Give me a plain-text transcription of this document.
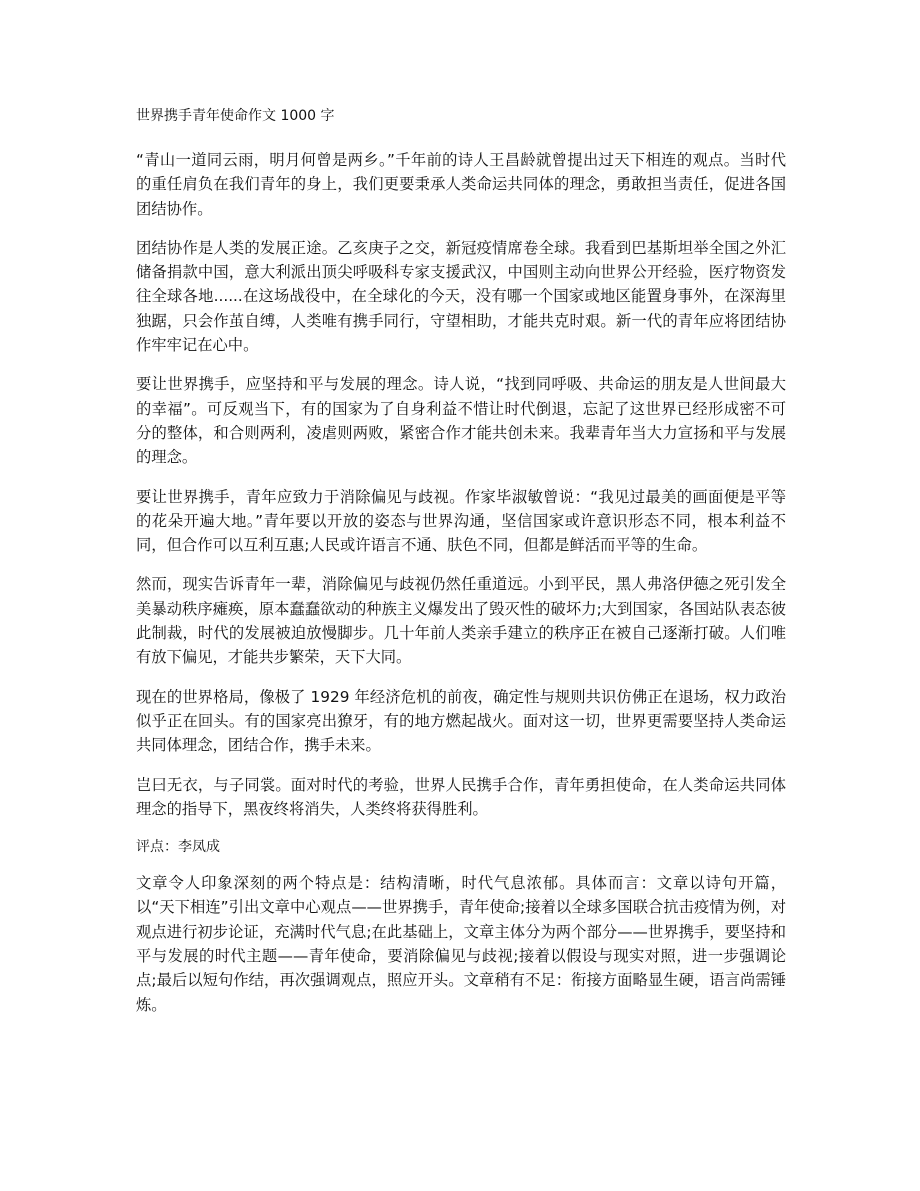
世界携手青年使命作文 1000 字

“青山一道同云雨，明月何曾是两乡。”千年前的诗人王昌龄就曾提出过天下相连的观点。当时代的重任肩负在我们青年的身上，我们更要秉承人类命运共同体的理念，勇敢担当责任，促进各国团结协作。

团结协作是人类的发展正途。乙亥庚子之交，新冠疫情席卷全球。我看到巴基斯坦举全国之外汇储备捐款中国，意大利派出顶尖呼吸科专家支援武汉，中国则主动向世界公开经验，医疗物资发往全球各地......在这场战役中，在全球化的今天，没有哪一个国家或地区能置身事外，在深海里独踞，只会作茧自缚，人类唯有携手同行，守望相助，才能共克时艰。新一代的青年应将团结协作牢牢记在心中。

要让世界携手，应坚持和平与发展的理念。诗人说，“找到同呼吸、共命运的朋友是人世间最大的幸福”。可反观当下，有的国家为了自身利益不惜让时代倒退，忘記了这世界已经形成密不可分的整体，和合则两利，凌虐则两败，紧密合作才能共创未来。我辈青年当大力宣扬和平与发展的理念。

要让世界携手，青年应致力于消除偏见与歧视。作家毕淑敏曾说：“我见过最美的画面便是平等的花朵开遍大地。”青年要以开放的姿态与世界沟通，坚信国家或许意识形态不同，根本利益不同，但合作可以互利互惠;人民或许语言不通、肤色不同，但都是鲜活而平等的生命。

然而，现实告诉青年一辈，消除偏见与歧视仍然任重道远。小到平民，黑人弗洛伊德之死引发全美暴动秩序瘫痪，原本蠢蠢欲动的种族主义爆发出了毁灭性的破坏力;大到国家，各国站队表态彼此制裁，时代的发展被迫放慢脚步。几十年前人类亲手建立的秩序正在被自己逐渐打破。人们唯有放下偏见，才能共步繁荣，天下大同。

现在的世界格局，像极了 1929 年经济危机的前夜，确定性与规则共识仿佛正在退场，权力政治似乎正在回头。有的国家亮出獠牙，有的地方燃起战火。面对这一切，世界更需要坚持人类命运共同体理念，团结合作，携手未来。

岂曰无衣，与子同裳。面对时代的考验，世界人民携手合作，青年勇担使命，在人类命运共同体理念的指导下，黑夜终将消失，人类终将获得胜利。

评点：李凤成

文章令人印象深刻的两个特点是：结构清晰，时代气息浓郁。具体而言：文章以诗句开篇，以“天下相连”引出文章中心观点——世界携手，青年使命;接着以全球多国联合抗击疫情为例，对观点进行初步论证，充满时代气息;在此基础上，文章主体分为两个部分——世界携手，要坚持和平与发展的时代主题——青年使命，要消除偏见与歧视;接着以假设与现实对照，进一步强调论点;最后以短句作结，再次强调观点，照应开头。文章稍有不足：衔接方面略显生硬，语言尚需锤炼。
